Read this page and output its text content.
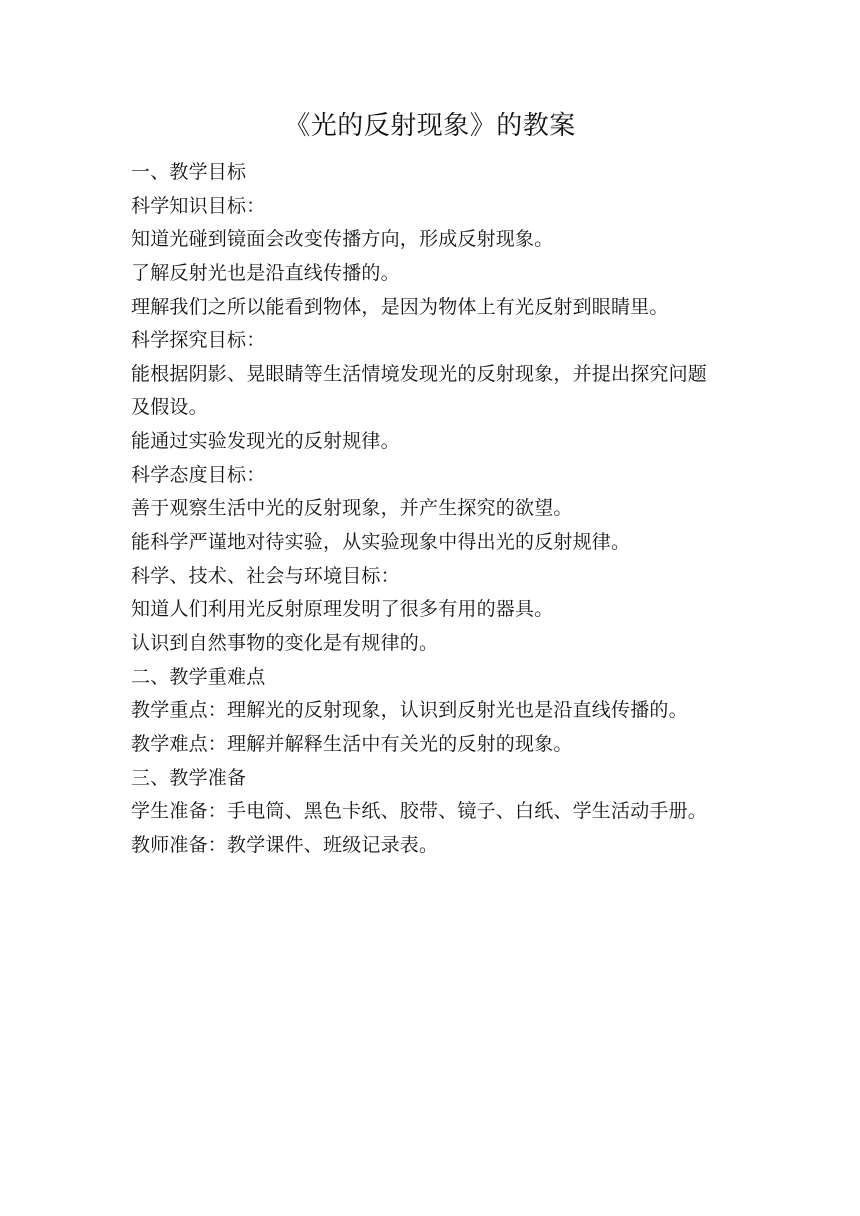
《光的反射现象》的教案
一、教学目标
科学知识目标：
知道光碰到镜面会改变传播方向，形成反射现象。
了解反射光也是沿直线传播的。
理解我们之所以能看到物体，是因为物体上有光反射到眼睛里。
科学探究目标：
能根据阴影、晃眼睛等生活情境发现光的反射现象，并提出探究问题
及假设。
能通过实验发现光的反射规律。
科学态度目标：
善于观察生活中光的反射现象，并产生探究的欲望。
能科学严谨地对待实验，从实验现象中得出光的反射规律。
科学、技术、社会与环境目标：
知道人们利用光反射原理发明了很多有用的器具。
认识到自然事物的变化是有规律的。
二、教学重难点
教学重点：理解光的反射现象，认识到反射光也是沿直线传播的。
教学难点：理解并解释生活中有关光的反射的现象。
三、教学准备
学生准备：手电筒、黑色卡纸、胶带、镜子、白纸、学生活动手册。
教师准备：教学课件、班级记录表。
